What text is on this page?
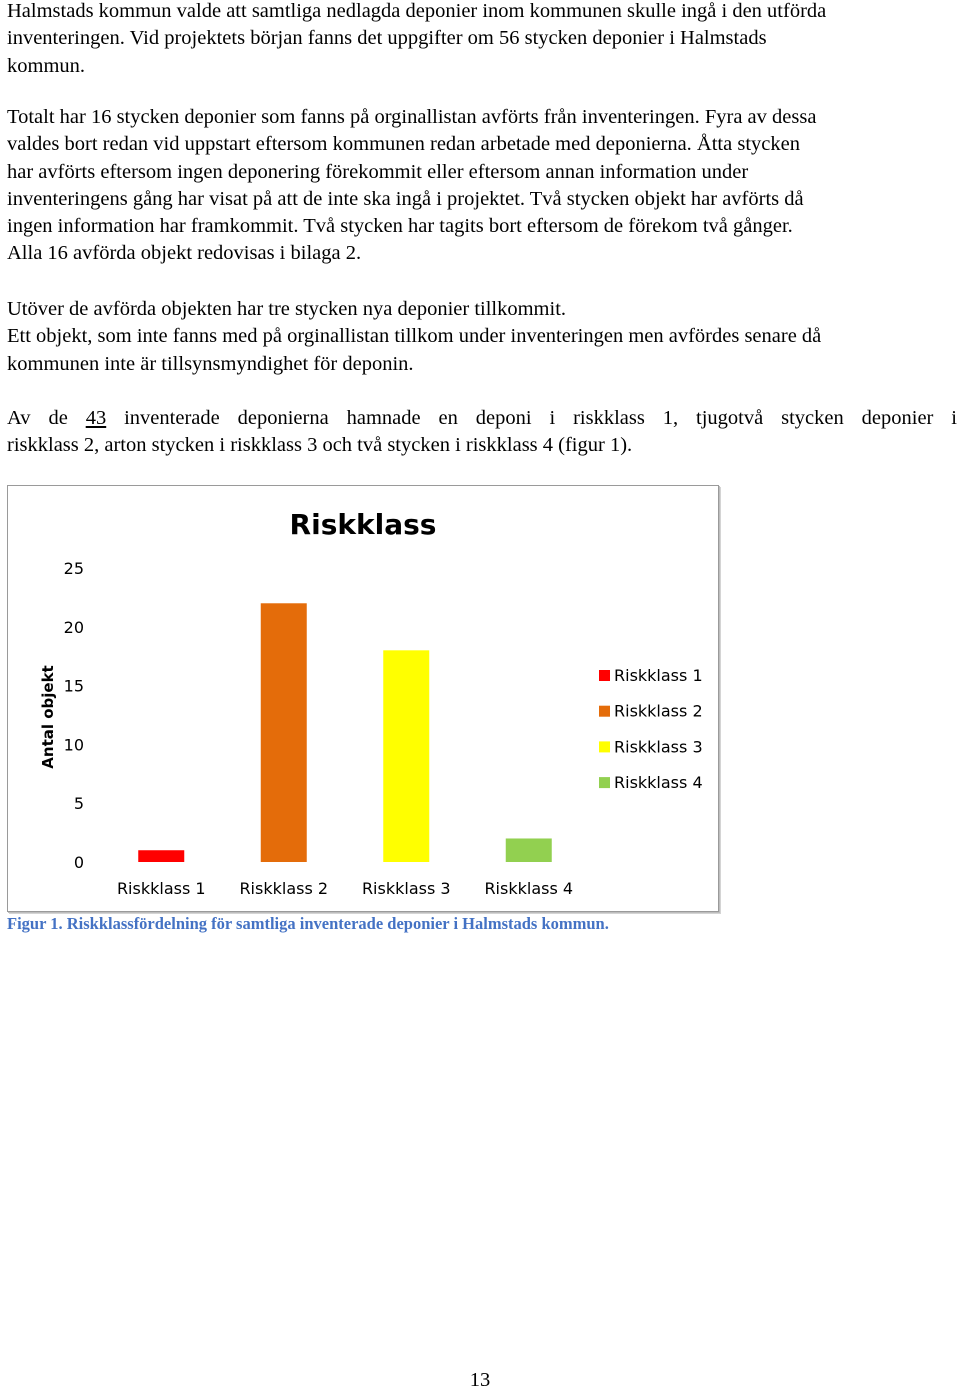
Halmstads kommun valde att samtliga nedlagda deponier inom kommunen skulle ingå i den utförda
inventeringen. Vid projektets början fanns det uppgifter om 56 stycken deponier i Halmstads
kommun.

Totalt har 16 stycken deponier som fanns på orginallistan avförts från inventeringen. Fyra av dessa
valdes bort redan vid uppstart eftersom kommunen redan arbetade med deponierna. Åtta stycken
har avförts eftersom ingen deponering förekommit eller eftersom annan information under
inventeringens gång har visat på att de inte ska ingå i projektet. Två stycken objekt har avförts då
ingen information har framkommit. Två stycken har tagits bort eftersom de förekom två gånger.
Alla 16 avförda objekt redovisas i bilaga 2.

Utöver de avförda objekten har tre stycken nya deponier tillkommit.
Ett objekt, som inte fanns med på orginallistan tillkom under inventeringen men avfördes senare då
kommunen inte är tillsynsmyndighet för deponin.

Av de 43 inventerade deponierna hamnade en deponi i riskklass 1, tjugotvå stycken deponier i
riskklass 2, arton stycken i riskklass 3 och två stycken i riskklass 4 (figur 1).

Riskklass
Antal objekt
0
5
10
15
20
25
Riskklass 1 Riskklass 2 Riskklass 3 Riskklass 4
Riskklass 1
Riskklass 2
Riskklass 3
Riskklass 4

Figur 1. Riskklassfördelning för samtliga inventerade deponier i Halmstads kommun.

13
